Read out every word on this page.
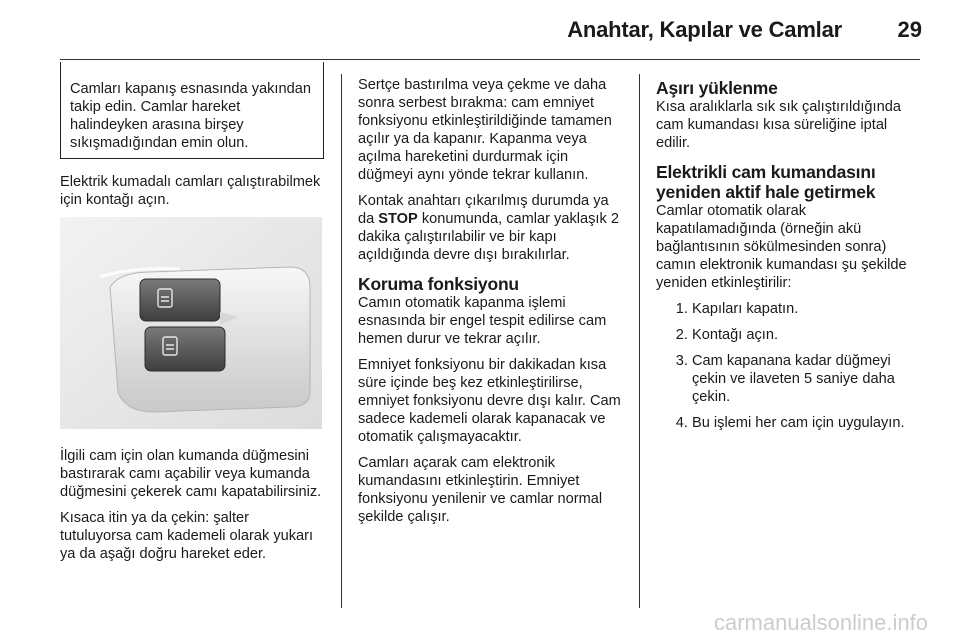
Anahtar, Kapılar ve Camlar	29
Camları kapanış esnasında yakından takip edin. Camlar hareket halindeyken arasına birşey sıkışmadığından emin olun.

Elektrik kumadalı camları çalıştırabilmek için kontağı açın.

İlgili cam için olan kumanda düğmesini bastırarak camı açabilir veya kumanda düğmesini çekerek camı kapatabilirsiniz.

Kısaca itin ya da çekin: şalter tutuluyorsa cam kademeli olarak yukarı ya da aşağı doğru hareket eder.

Sertçe bastırılma veya çekme ve daha sonra serbest bırakma: cam emniyet fonksiyonu etkinleştirildiğinde tamamen açılır ya da kapanır. Kapanma veya açılma hareketini durdurmak için düğmeyi aynı yönde tekrar kullanın.

Kontak anahtarı çıkarılmış durumda ya da STOP konumunda, camlar yaklaşık 2 dakika çalıştırılabilir ve bir kapı açıldığında devre dışı bırakılırlar.

Koruma fonksiyonu

Camın otomatik kapanma işlemi esnasında bir engel tespit edilirse cam hemen durur ve tekrar açılır.

Emniyet fonksiyonu bir dakikadan kısa süre içinde beş kez etkinleştirilirse, emniyet fonksiyonu devre dışı kalır. Cam sadece kademeli olarak kapanacak ve otomatik çalışmayacaktır.

Camları açarak cam elektronik kumandasını etkinleştirin. Emniyet fonksiyonu yenilenir ve camlar normal şekilde çalışır.

Aşırı yüklenme

Kısa aralıklarla sık sık çalıştırıldığında cam kumandası kısa süreliğine iptal edilir.

Elektrikli cam kumandasını yeniden aktif hale getirmek

Camlar otomatik olarak kapatılamadığında (örneğin akü bağlantısının sökülmesinden sonra) camın elektronik kumandası şu şekilde yeniden etkinleştirilir:

1. Kapıları kapatın.
2. Kontağı açın.
3. Cam kapanana kadar düğmeyi çekin ve ilaveten 5 saniye daha çekin.
4. Bu işlemi her cam için uygulayın.
carmanualsonline.info
